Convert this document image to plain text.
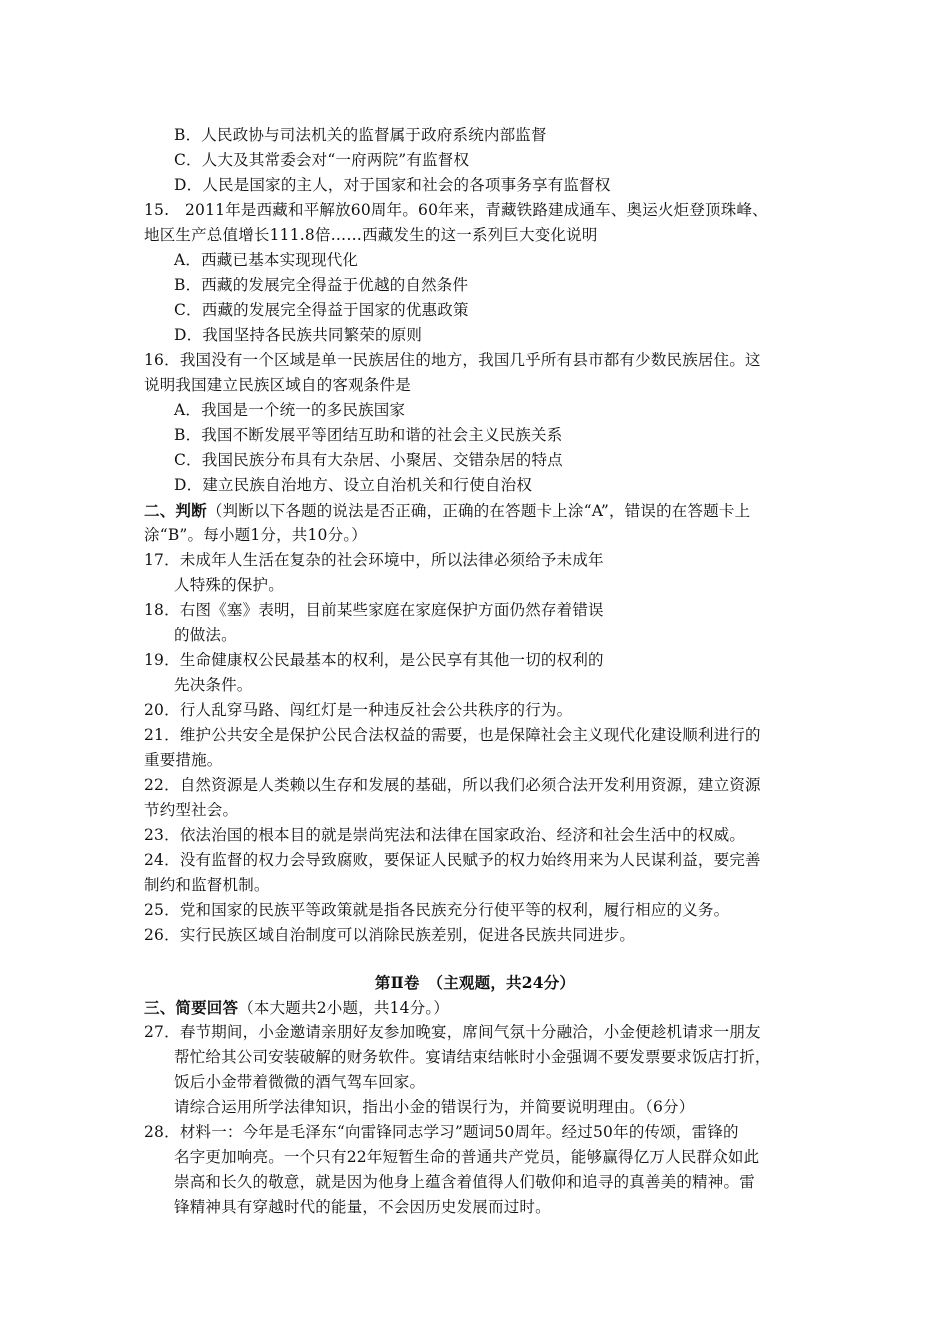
B．人民政协与司法机关的监督属于政府系统内部监督
C．人大及其常委会对“一府两院”有监督权
D．人民是国家的主人，对于国家和社会的各项事务享有监督权
15.　2011年是西藏和平解放60周年。60年来，青藏铁路建成通车、奥运火炬登顶珠峰、
地区生产总值增长111.8倍……西藏发生的这一系列巨大变化说明
A．西藏已基本实现现代化
B．西藏的发展完全得益于优越的自然条件
C．西藏的发展完全得益于国家的优惠政策
D．我国坚持各民族共同繁荣的原则
16．我国没有一个区域是单一民族居住的地方，我国几乎所有县市都有少数民族居住。这
说明我国建立民族区域自的客观条件是
A．我国是一个统一的多民族国家
B．我国不断发展平等团结互助和谐的社会主义民族关系
C．我国民族分布具有大杂居、小聚居、交错杂居的特点
D．建立民族自治地方、设立自治机关和行使自治权
二、判断（判断以下各题的说法是否正确，正确的在答题卡上涂“A”，错误的在答题卡上
涂“B”。每小题1分，共10分。）
17．未成年人生活在复杂的社会环境中，所以法律必须给予未成年
人特殊的保护。
18．右图《塞》表明，目前某些家庭在家庭保护方面仍然存着错误
的做法。
19．生命健康权公民最基本的权利，是公民享有其他一切的权利的
先决条件。
20．行人乱穿马路、闯红灯是一种违反社会公共秩序的行为。
21．维护公共安全是保护公民合法权益的需要，也是保障社会主义现代化建设顺利进行的
重要措施。
22．自然资源是人类赖以生存和发展的基础，所以我们必须合法开发利用资源，建立资源
节约型社会。
23．依法治国的根本目的就是崇尚宪法和法律在国家政治、经济和社会生活中的权威。
24．没有监督的权力会导致腐败，要保证人民赋予的权力始终用来为人民谋利益，要完善
制约和监督机制。
25．党和国家的民族平等政策就是指各民族充分行使平等的权利，履行相应的义务。
26．实行民族区域自治制度可以消除民族差别，促进各民族共同进步。
第Ⅱ卷　（主观题，共24分）
三、简要回答（本大题共2小题，共14分。）
27．春节期间，小金邀请亲朋好友参加晚宴，席间气氛十分融洽，小金便趁机请求一朋友
帮忙给其公司安装破解的财务软件。宴请结束结帐时小金强调不要发票要求饭店打折，
饭后小金带着微微的酒气驾车回家。
请综合运用所学法律知识，指出小金的错误行为，并简要说明理由。（6分）
28．材料一：今年是毛泽东“向雷锋同志学习”题词50周年。经过50年的传颂，雷锋的
名字更加响亮。一个只有22年短暂生命的普通共产党员，能够赢得亿万人民群众如此
崇高和长久的敬意，就是因为他身上蕴含着值得人们敬仰和追寻的真善美的精神。雷
锋精神具有穿越时代的能量，不会因历史发展而过时。
